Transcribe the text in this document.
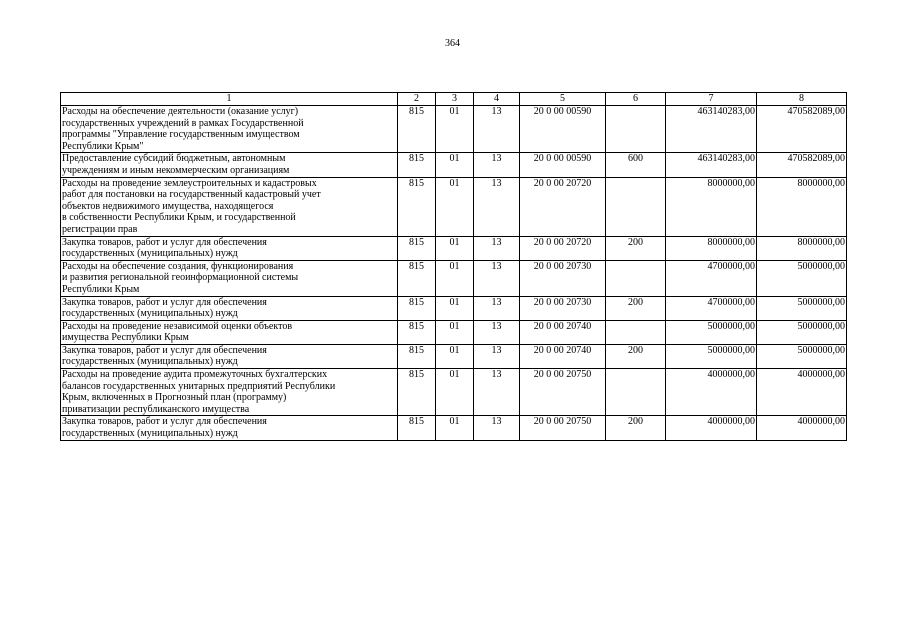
364
1	2	3	4	5	6	7	8
Расходы на обеспечение деятельности (оказание услуг)
государственных учреждений в рамках Государственной
программы "Управление государственным имуществом
Республики Крым"	815	01	13	20 0 00 00590		463140283,00	470582089,00
Предоставление субсидий бюджетным, автономным
учреждениям и иным некоммерческим организациям	815	01	13	20 0 00 00590	600	463140283,00	470582089,00
Расходы на проведение землеустроительных и кадастровых
работ для постановки на государственный кадастровый учет
объектов недвижимого имущества, находящегося
в собственности Республики Крым, и государственной
регистрации прав	815	01	13	20 0 00 20720		8000000,00	8000000,00
Закупка товаров, работ и услуг для обеспечения
государственных (муниципальных) нужд	815	01	13	20 0 00 20720	200	8000000,00	8000000,00
Расходы на обеспечение создания, функционирования
и развития региональной геоинформационной системы
Республики Крым	815	01	13	20 0 00 20730		4700000,00	5000000,00
Закупка товаров, работ и услуг для обеспечения
государственных (муниципальных) нужд	815	01	13	20 0 00 20730	200	4700000,00	5000000,00
Расходы на проведение независимой оценки объектов
имущества Республики Крым	815	01	13	20 0 00 20740		5000000,00	5000000,00
Закупка товаров, работ и услуг для обеспечения
государственных (муниципальных) нужд	815	01	13	20 0 00 20740	200	5000000,00	5000000,00
Расходы на проведение аудита промежуточных бухгалтерских
балансов государственных унитарных предприятий Республики
Крым, включенных в Прогнозный план (программу)
приватизации республиканского имущества	815	01	13	20 0 00 20750		4000000,00	4000000,00
Закупка товаров, работ и услуг для обеспечения
государственных (муниципальных) нужд	815	01	13	20 0 00 20750	200	4000000,00	4000000,00
